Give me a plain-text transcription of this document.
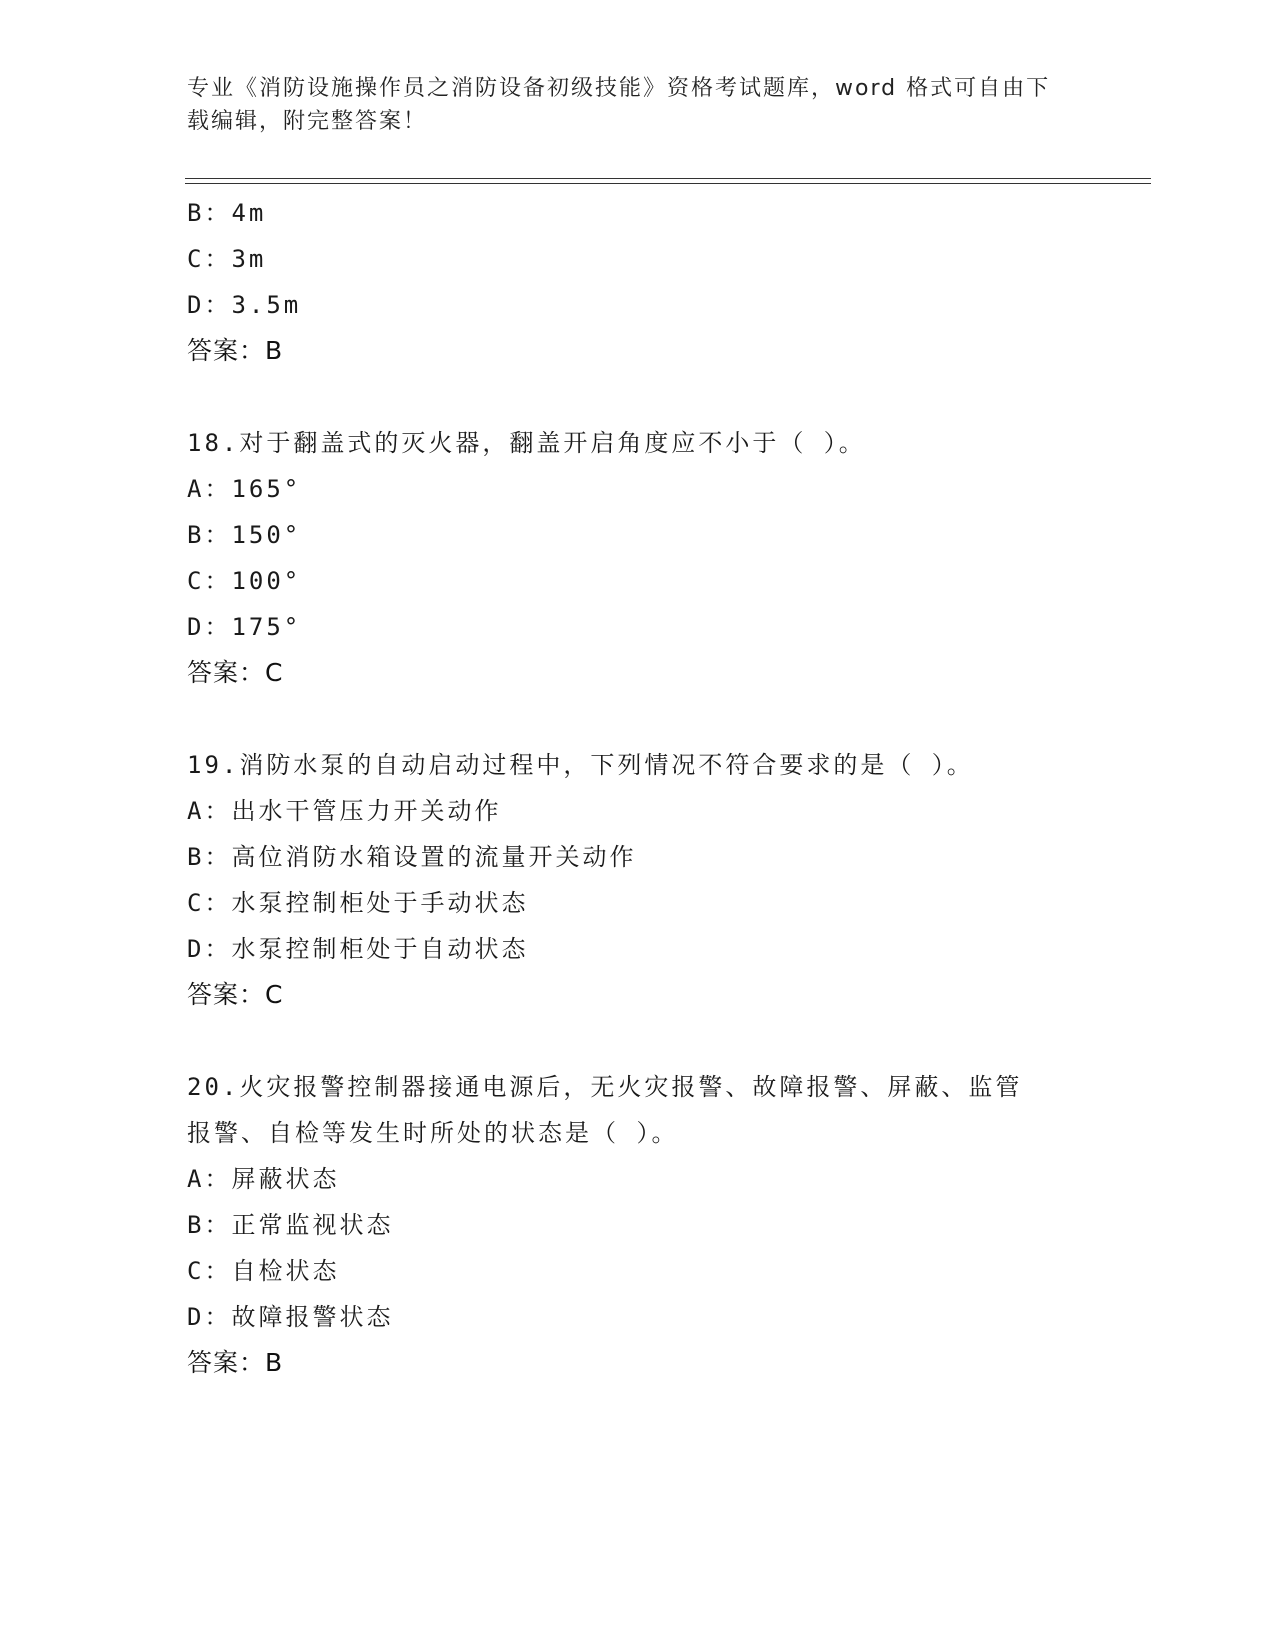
专业《消防设施操作员之消防设备初级技能》资格考试题库，word 格式可自由下
载编辑，附完整答案！
B：4m
C：3m
D：3.5m
答案：B
18.对于翻盖式的灭火器，翻盖开启角度应不小于（ ）。
A：165°
B：150°
C：100°
D：175°
答案：C
19.消防水泵的自动启动过程中，下列情况不符合要求的是（ ）。
A：出水干管压力开关动作
B：高位消防水箱设置的流量开关动作
C：水泵控制柜处于手动状态
D：水泵控制柜处于自动状态
答案：C
20.火灾报警控制器接通电源后，无火灾报警、故障报警、屏蔽、监管
报警、自检等发生时所处的状态是（ ）。
A：屏蔽状态
B：正常监视状态
C：自检状态
D：故障报警状态
答案：B
